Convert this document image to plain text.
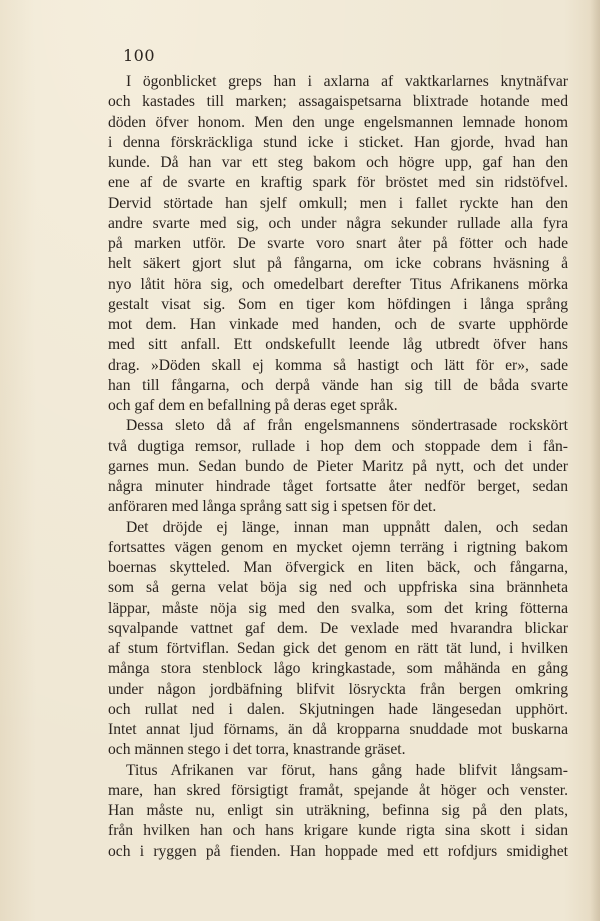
100
I ögonblicket greps han i axlarna af vaktkarlarnes knytnäfvar
och kastades till marken; assagaispetsarna blixtrade hotande med
döden öfver honom. Men den unge engelsmannen lemnade honom
i denna förskräckliga stund icke i sticket. Han gjorde, hvad han
kunde. Då han var ett steg bakom och högre upp, gaf han den
ene af de svarte en kraftig spark för bröstet med sin ridstöfvel.
Dervid störtade han sjelf omkull; men i fallet ryckte han den
andre svarte med sig, och under några sekunder rullade alla fyra
på marken utför. De svarte voro snart åter på fötter och hade
helt säkert gjort slut på fångarna, om icke cobrans hväsning å
nyo låtit höra sig, och omedelbart derefter Titus Afrikanens mörka
gestalt visat sig. Som en tiger kom höfdingen i långa språng
mot dem. Han vinkade med handen, och de svarte upphörde
med sitt anfall. Ett ondskefullt leende låg utbredt öfver hans
drag. »Döden skall ej komma så hastigt och lätt för er», sade
han till fångarna, och derpå vände han sig till de båda svarte
och gaf dem en befallning på deras eget språk.
Dessa sleto då af från engelsmannens söndertrasade rockskört
två dugtiga remsor, rullade i hop dem och stoppade dem i fån-
garnes mun. Sedan bundo de Pieter Maritz på nytt, och det under
några minuter hindrade tåget fortsatte åter nedför berget, sedan
anföraren med långa språng satt sig i spetsen för det.
Det dröjde ej länge, innan man uppnått dalen, och sedan
fortsattes vägen genom en mycket ojemn terräng i rigtning bakom
boernas skytteled. Man öfvergick en liten bäck, och fångarna,
som så gerna velat böja sig ned och uppfriska sina brännheta
läppar, måste nöja sig med den svalka, som det kring fötterna
sqvalpande vattnet gaf dem. De vexlade med hvarandra blickar
af stum förtviflan. Sedan gick det genom en rätt tät lund, i hvilken
många stora stenblock lågo kringkastade, som måhända en gång
under någon jordbäfning blifvit lösryckta från bergen omkring
och rullat ned i dalen. Skjutningen hade längesedan upphört.
Intet annat ljud förnams, än då kropparna snuddade mot buskarna
och männen stego i det torra, knastrande gräset.
Titus Afrikanen var förut, hans gång hade blifvit långsam-
mare, han skred försigtigt framåt, spejande åt höger och venster.
Han måste nu, enligt sin uträkning, befinna sig på den plats,
från hvilken han och hans krigare kunde rigta sina skott i sidan
och i ryggen på fienden. Han hoppade med ett rofdjurs smidighet
